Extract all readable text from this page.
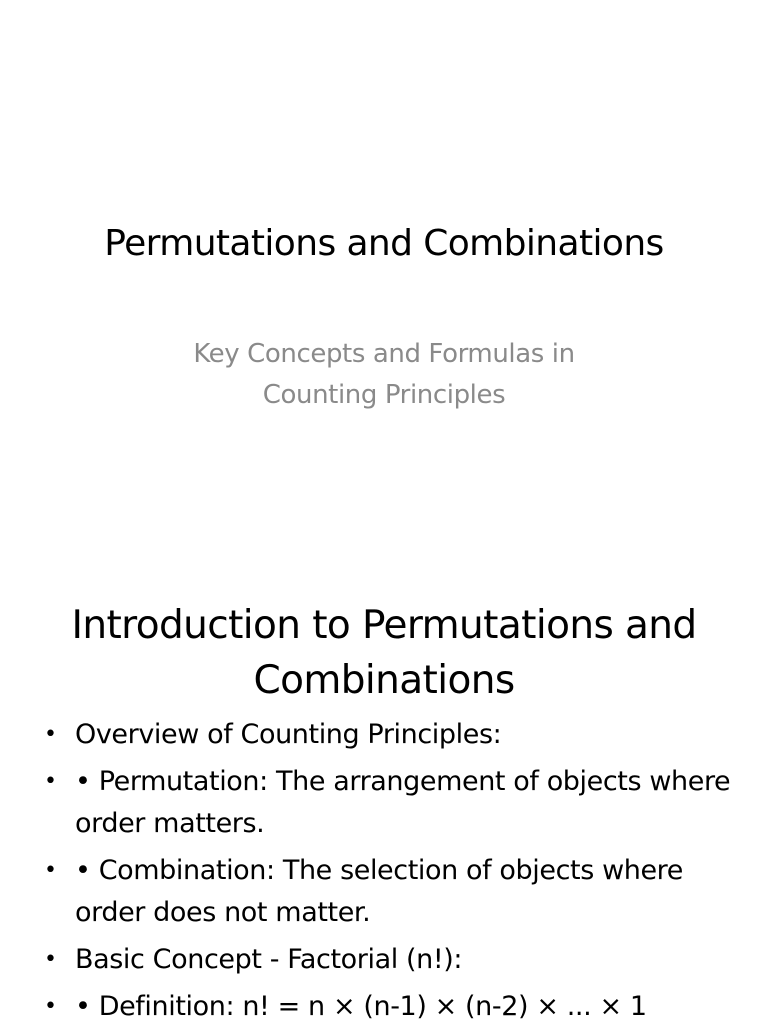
Permutations and Combinations
Key Concepts and Formulas in Counting Principles
Introduction to Permutations and Combinations
• Overview of Counting Principles:
• • Permutation: The arrangement of objects where order matters.
• • Combination: The selection of objects where order does not matter.
• Basic Concept - Factorial (n!):
• • Definition: n! = n × (n-1) × (n-2) × ... × 1
